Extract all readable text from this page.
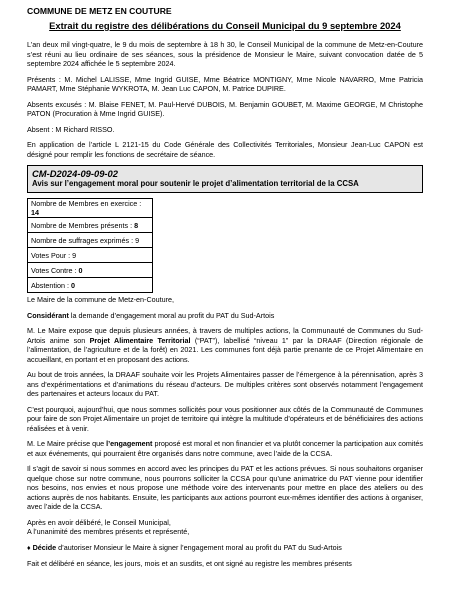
COMMUNE DE METZ EN COUTURE
Extrait du registre des délibérations du Conseil Municipal du 9 septembre 2024

L’an deux mil vingt-quatre, le 9 du mois de septembre à 18 h 30, le Conseil Municipal de la commune de Metz-en-Couture s’est réuni au lieu ordinaire de ses séances, sous la présidence de Monsieur le Maire, suivant convocation datée de 5 septembre 2024 affichée le 5 septembre 2024.

Présents : M. Michel LALISSE, Mme Ingrid GUISE, Mme Béatrice MONTIGNY, Mme Nicole NAVARRO, Mme Patricia PAMART, Mme Stéphanie WYKROTA, M. Jean Luc CAPON, M. Patrice DUPIRE.

Absents excusés : M. Blaise FENET, M. Paul-Hervé DUBOIS, M. Benjamin GOUBET, M. Maxime GEORGE, M Christophe PATON (Procuration à Mme Ingrid GUISE).

Absent : M Richard RISSO.

En application de l’article L 2121-15 du Code Générale des Collectivités Territoriales, Monsieur Jean-Luc CAPON est désigné pour remplir les fonctions de secrétaire de séance.

CM-D2024-09-09-02
Avis sur l’engagement moral pour soutenir le projet d’alimentation territorial de la CCSA
Nombre de Membres en exercice : 14
Nombre de Membres présents : 8
Nombre de suffrages exprimés : 9
Votes Pour : 9
Votes Contre : 0
Abstention : 0

Le Maire de la commune de Metz-en-Couture,

Considérant la demande d’engagement moral au profit du PAT du Sud-Artois

M. Le Maire expose que depuis plusieurs années, à travers de multiples actions, la Communauté de Communes du Sud-Artois anime son Projet Alimentaire Territorial (“PAT”), labellisé “niveau 1” par la DRAAF (Direction régionale de l’alimentation, de l’agriculture et de la forêt) en 2021. Les communes font déjà partie prenante de ce Projet Alimentaire en accueillant, en portant et en proposant des actions.

Au bout de trois années, la DRAAF souhaite voir les Projets Alimentaires passer de l’émergence à la pérennisation, après 3 ans d’expérimentations et d’animations du réseau d’acteurs. De multiples critères sont observés notamment l’engagement des partenaires et acteurs locaux du PAT.

C’est pourquoi, aujourd’hui, que nous sommes sollicités pour vous positionner aux côtés de la Communauté de Communes pour faire de son Projet Alimentaire un projet de territoire qui intègre la multitude d’opérateurs et de bénéficiaires des actions réalisées et à venir.

M. Le Maire précise que l’engagement proposé est moral et non financier et va plutôt concerner la participation aux comités et aux événements, qui pourraient être organisés dans notre commune, avec l’aide de la CCSA.

Il s’agit de savoir si nous sommes en accord avec les principes du PAT et les actions prévues. Si nous souhaitons organiser quelque chose sur notre commune, nous pourrons solliciter la CCSA pour qu’une animatrice du PAT vienne pour identifier nos besoins, nos envies et nous propose une méthode voire des intervenants pour mettre en place des ateliers ou des actions auprès de nos habitants. Ensuite, les participants aux actions pourront eux-mêmes identifier des actions à organiser, avec l’aide de la CCSA.

Après en avoir délibéré, le Conseil Municipal,

A l’unanimité des membres présents et représenté,

♦ Décide d’autoriser Monsieur le Maire à signer l’engagement moral au profit du PAT du Sud-Artois

Fait et délibéré en séance, les jours, mois et an susdits, et ont signé au registre les membres présents
